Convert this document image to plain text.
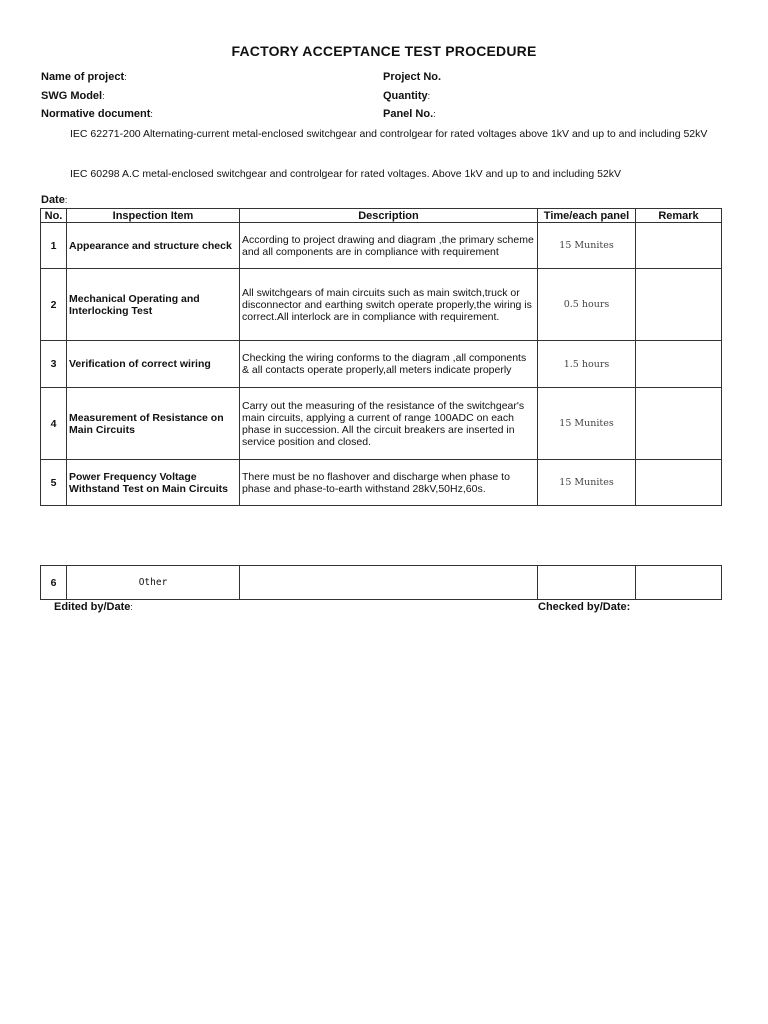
FACTORY ACCEPTANCE TEST PROCEDURE
Name of project:	Project No.
SWG Model:	Quantity:
Normative document:	Panel No.:
IEC 62271-200 Alternating-current metal-enclosed switchgear and controlgear for rated voltages above 1kV and up to and including 52kV
IEC 60298 A.C metal-enclosed switchgear and controlgear for rated voltages. Above 1kV and up to and including 52kV
Date:
No.	Inspection Item	Description	Time/each panel	Remark
1	Appearance and structure check	According to project drawing and diagram ,the primary scheme and all components are in compliance with requirement	15 Munites	
2	Mechanical Operating and Interlocking Test	All switchgears of main circuits such as main switch,truck or disconnector and earthing switch operate properly,the wiring is correct.All interlock are in compliance with requirement.	0.5 hours	
3	Verification of correct wiring	Checking the wiring conforms to the diagram ,all components & all contacts operate properly,all meters indicate properly	1.5 hours	
4	Measurement of Resistance on Main Circuits	Carry out the measuring of the resistance of the switchgear's main circuits, applying a current of range 100ADC on each phase in succession. All the circuit breakers are inserted in service position and closed.	15 Munites	
5	Power Frequency Voltage Withstand Test on Main Circuits	There must be no flashover and discharge when phase to phase and phase-to-earth withstand 28kV,50Hz,60s.	15 Munites	
6	Other			
Edited by/Date:	Checked by/Date:
